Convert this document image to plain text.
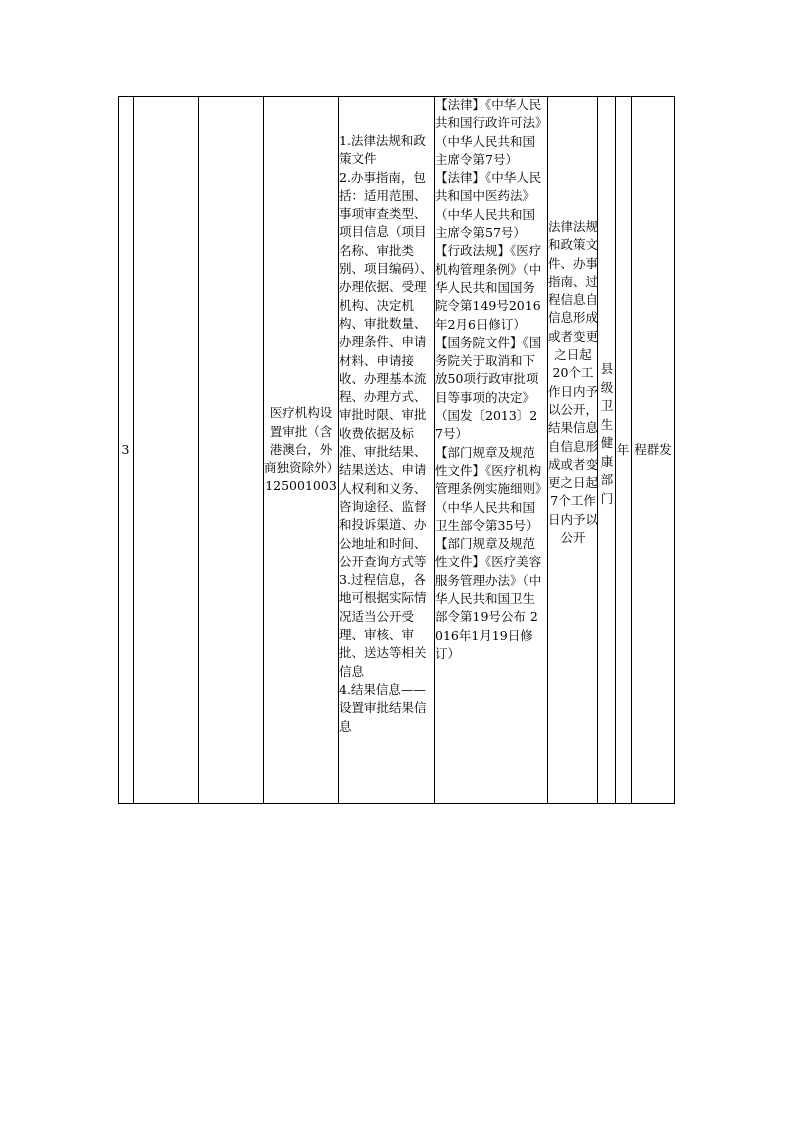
3
医疗机构设置审批（含港澳台，外商独资除外）
125001003
1.法律法规和政策文件
2.办事指南，包括：适用范围、事项审查类型、项目信息（项目名称、审批类别、项目编码）、办理依据、受理机构、决定机构、审批数量、办理条件、申请材料、申请接收、办理基本流程、办理方式、审批时限、审批收费依据及标准、审批结果、结果送达、申请人权利和义务、咨询途径、监督和投诉渠道、办公地址和时间、公开查询方式等
3.过程信息，各地可根据实际情况适当公开受理、审核、审批、送达等相关信息
4.结果信息——设置审批结果信息
【法律】《中华人民共和国行政许可法》（中华人民共和国主席令第7号）
【法律】《中华人民共和国中医药法》（中华人民共和国主席令第57号）
【行政法规】《医疗机构管理条例》（中华人民共和国国务院令第149号2016年2月6日修订）
【国务院文件】《国务院关于取消和下放50项行政审批项目等事项的决定》（国发〔2013〕27号）
【部门规章及规范性文件】《医疗机构管理条例实施细则》（中华人民共和国卫生部令第35号）
【部门规章及规范性文件】《医疗美容服务管理办法》（中华人民共和国卫生部令第19号公布 2016年1月19日修订）
法律法规和政策文件、办事指南、过程信息自信息形成或者变更之日起20个工作日内予以公开，结果信息自信息形成或者变更之日起7个工作日内予以公开
县级卫生健康部门
年 程群发
